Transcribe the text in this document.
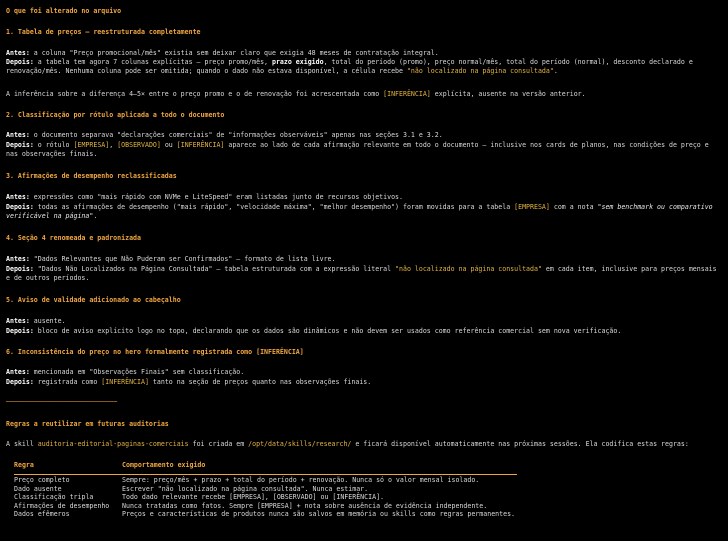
O que foi alterado no arquivo
1. Tabela de preços — reestruturada completamente
Antes: a coluna "Preço promocional/mês" existia sem deixar claro que exigia 48 meses de contratação integral.
Depois: a tabela tem agora 7 colunas explícitas — preço promo/mês, prazo exigido, total do período (promo), preço normal/mês, total do período (normal), desconto declarado e renovação/mês. Nenhuma coluna pode ser omitida; quando o dado não estava disponível, a célula recebe "não localizado na página consultada".
A inferência sobre a diferença 4–5× entre o preço promo e o de renovação foi acrescentada como [INFERÊNCIA] explícita, ausente na versão anterior.
2. Classificação por rótulo aplicada a todo o documento
Antes: o documento separava "declarações comerciais" de "informações observáveis" apenas nas seções 3.1 e 3.2.
Depois: o rótulo [EMPRESA], [OBSERVADO] ou [INFERÊNCIA] aparece ao lado de cada afirmação relevante em todo o documento — inclusive nos cards de planos, nas condições de preço e nas observações finais.
3. Afirmações de desempenho reclassificadas
Antes: expressões como "mais rápido com NVMe e LiteSpeed" eram listadas junto de recursos objetivos.
Depois: todas as afirmações de desempenho ("mais rápido", "velocidade máxima", "melhor desempenho") foram movidas para a tabela [EMPRESA] com a nota "sem benchmark ou comparativo verificável na página".
4. Seção 4 renomeada e padronizada
Antes: "Dados Relevantes que Não Puderam ser Confirmados" — formato de lista livre.
Depois: "Dados Não Localizados na Página Consultada" — tabela estruturada com a expressão literal "não localizado na página consultada" em cada item, inclusive para preços mensais e de outros períodos.
5. Aviso de validade adicionado ao cabeçalho
Antes: ausente.
Depois: bloco de aviso explícito logo no topo, declarando que os dados são dinâmicos e não devem ser usados como referência comercial sem nova verificação.
6. Inconsistência do preço no hero formalmente registrada como [INFERÊNCIA]
Antes: mencionada em "Observações Finais" sem classificação.
Depois: registrada como [INFERÊNCIA] tanto na seção de preços quanto nas observações finais.
────────────────────────────
Regras a reutilizar em futuras auditorias
A skill auditoria-editorial-paginas-comerciais foi criada em /opt/data/skills/research/ e ficará disponível automaticamente nas próximas sessões. Ela codifica estas regras:
Regra	Comportamento exigido

Preço completo	Sempre: preço/mês + prazo + total do período + renovação. Nunca só o valor mensal isolado.
Dado ausente	Escrever "não localizado na página consultada". Nunca estimar.
Classificação tripla	Todo dado relevante recebe [EMPRESA], [OBSERVADO] ou [INFERÊNCIA].
Afirmações de desempenho	Nunca tratadas como fatos. Sempre [EMPRESA] + nota sobre ausência de evidência independente.
Dados efêmeros	Preços e características de produtos nunca são salvos em memória ou skills como regras permanentes.
